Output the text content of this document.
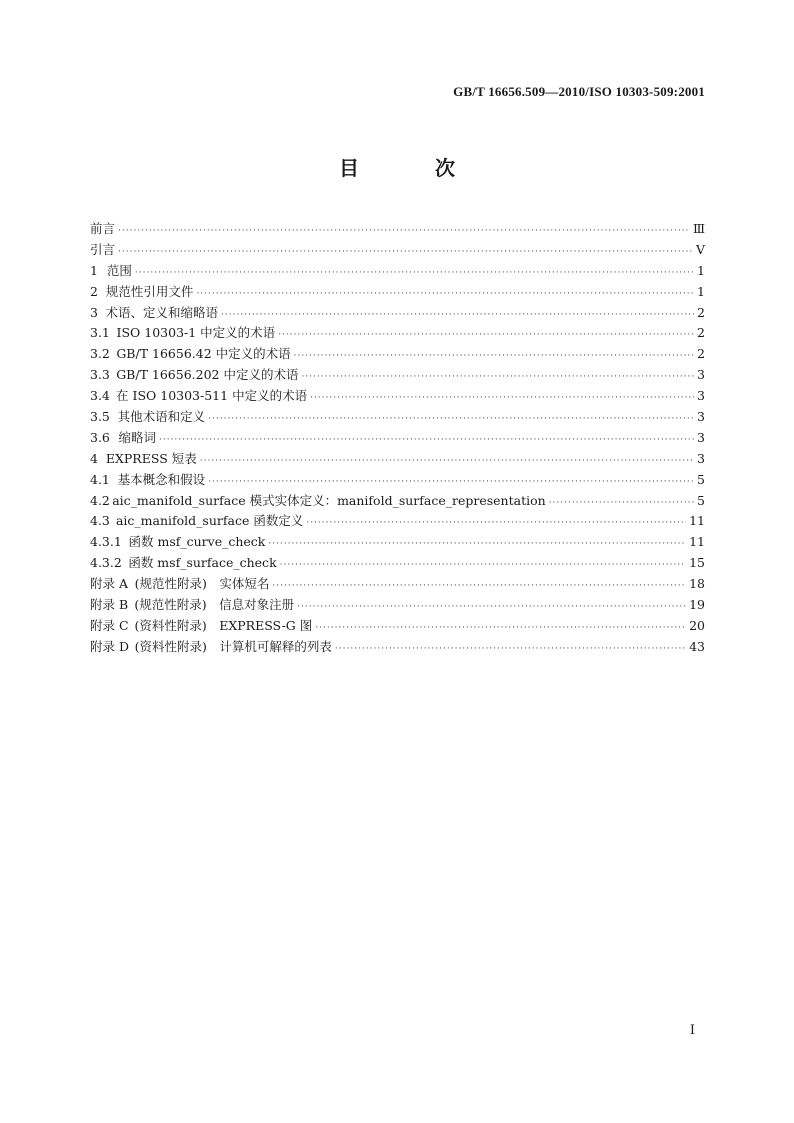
GB/T 16656.509—2010/ISO 10303-509:2001
目　次
前言 ·····	Ⅲ
引言 ·····	Ⅴ
1 范围 ·····	1
2 规范性引用文件 ·····	1
3 术语、定义和缩略语 ·····	2
3.1 ISO 10303-1 中定义的术语 ·····	2
3.2 GB/T 16656.42 中定义的术语 ·····	2
3.3 GB/T 16656.202 中定义的术语 ·····	3
3.4 在 ISO 10303-511 中定义的术语 ·····	3
3.5 其他术语和定义 ·····	3
3.6 缩略词 ·····	3
4 EXPRESS 短表 ·····	3
4.1 基本概念和假设 ·····	5
4.2 aic_manifold_surface 模式实体定义：manifold_surface_representation ·····	5
4.3 aic_manifold_surface 函数定义 ·····	11
4.3.1 函数 msf_curve_check ·····	11
4.3.2 函数 msf_surface_check ·····	15
附录 A (规范性附录)　实体短名 ·····	18
附录 B (规范性附录)　信息对象注册 ·····	19
附录 C (资料性附录)　EXPRESS-G 图 ·····	20
附录 D (资料性附录)　计算机可解释的列表 ·····	43
Ⅰ
